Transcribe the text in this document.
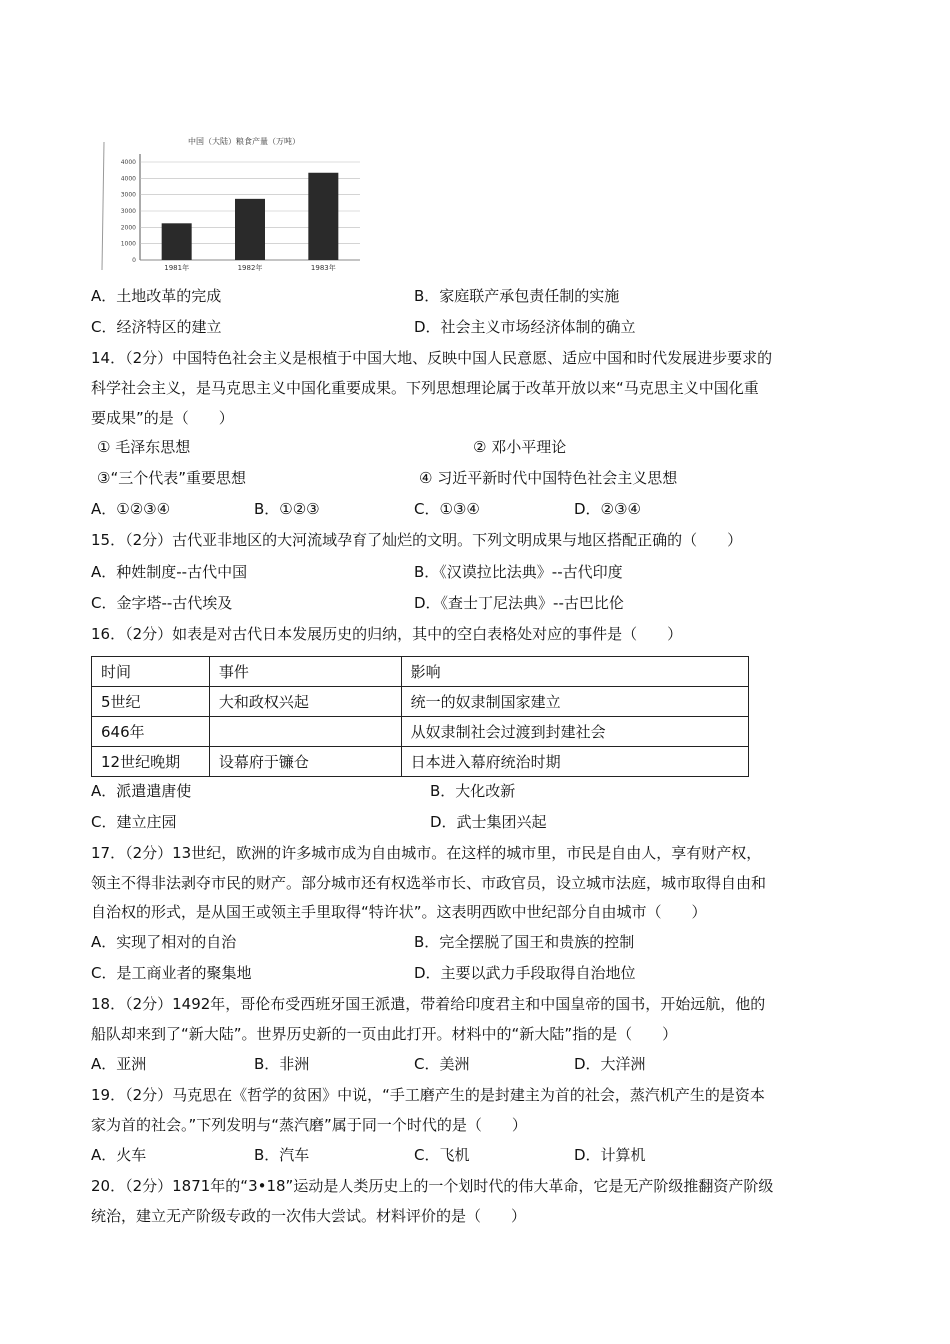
中国（大陆）粮食产量（万吨）
4000
4000
3000
3000
2000
1000
0
1981年	1982年	1983年
A．土地改革的完成	B．家庭联产承包责任制的实施
C．经济特区的建立	D．社会主义市场经济体制的确立
14．（2分）中国特色社会主义是根植于中国大地、反映中国人民意愿、适应中国和时代发展进步要求的
科学社会主义，是马克思主义中国化重要成果。下列思想理论属于改革开放以来“马克思主义中国化重
要成果”的是（　　）
① 毛泽东思想	② 邓小平理论
③“三个代表”重要思想	④ 习近平新时代中国特色社会主义思想
A．①②③④	B．①②③	C．①③④	D．②③④
15．（2分）古代亚非地区的大河流域孕育了灿烂的文明。下列文明成果与地区搭配正确的（　　）
A．种姓制度--古代中国	B．《汉谟拉比法典》--古代印度
C．金字塔--古代埃及	D．《查士丁尼法典》--古巴比伦
16．（2分）如表是对古代日本发展历史的归纳，其中的空白表格处对应的事件是（　　）
时间	事件	影响
5世纪	大和政权兴起	统一的奴隶制国家建立
646年		从奴隶制社会过渡到封建社会
12世纪晚期	设幕府于镰仓	日本进入幕府统治时期
A．派遣遣唐使	B．大化改新
C．建立庄园	D．武士集团兴起
17．（2分）13世纪，欧洲的许多城市成为自由城市。在这样的城市里，市民是自由人，享有财产权，
领主不得非法剥夺市民的财产。部分城市还有权选举市长、市政官员，设立城市法庭，城市取得自由和
自治权的形式，是从国王或领主手里取得“特许状”。这表明西欧中世纪部分自由城市（　　）
A．实现了相对的自治	B．完全摆脱了国王和贵族的控制
C．是工商业者的聚集地	D．主要以武力手段取得自治地位
18．（2分）1492年，哥伦布受西班牙国王派遣，带着给印度君主和中国皇帝的国书，开始远航，他的
船队却来到了“新大陆”。世界历史新的一页由此打开。材料中的“新大陆”指的是（　　）
A．亚洲	B．非洲	C．美洲	D．大洋洲
19．（2分）马克思在《哲学的贫困》中说，“手工磨产生的是封建主为首的社会，蒸汽机产生的是资本
家为首的社会。”下列发明与“蒸汽磨”属于同一个时代的是（　　）
A．火车	B．汽车	C．飞机	D．计算机
20．（2分）1871年的“3•18”运动是人类历史上的一个划时代的伟大革命，它是无产阶级推翻资产阶级
统治，建立无产阶级专政的一次伟大尝试。材料评价的是（　　）
